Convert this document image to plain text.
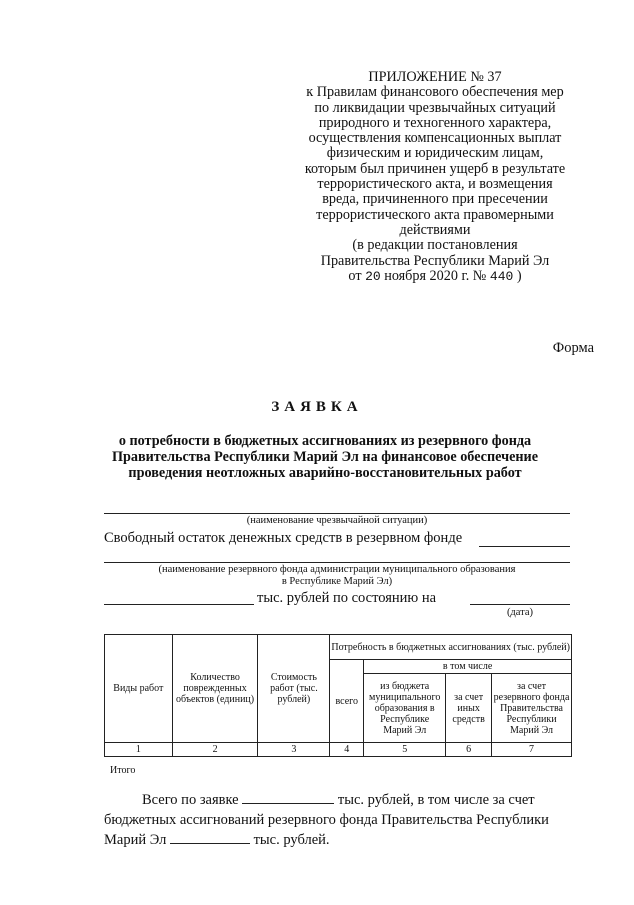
ПРИЛОЖЕНИЕ № 37
к Правилам финансового обеспечения мер
по ликвидации чрезвычайных ситуаций
природного и техногенного характера,
осуществления компенсационных выплат
физическим и юридическим лицам,
которым был причинен ущерб в результате
террористического акта, и возмещения
вреда, причиненного при пресечении
террористического акта правомерными
действиями
(в редакции постановления
Правительства Республики Марий Эл
от 20 ноября 2020 г. № 440 )
Форма
ЗАЯВКА
о потребности в бюджетных ассигнованиях из резервного фонда
Правительства Республики Марий Эл на финансовое обеспечение
проведения неотложных аварийно-восстановительных работ
(наименование чрезвычайной ситуации)
Свободный остаток денежных средств в резервном фонде
(наименование резервного фонда администрации муниципального образования
в Республике Марий Эл)
тыс. рублей по состоянию на
(дата)
Виды работ	Количество поврежденных объектов (единиц)	Стоимость работ (тыс. рублей)	Потребность в бюджетных ассигнованиях (тыс. рублей)			
			всего	в том числе		
				из бюджета муниципального образования в Республике Марий Эл	за счет иных средств	за счет резервного фонда Правительства Республики Марий Эл
1	2	3	4	5	6	7
Итого
Всего по заявке	тыс. рублей, в том числе за счет
бюджетных ассигнований резервного фонда Правительства Республики
Марий Эл	тыс. рублей.
